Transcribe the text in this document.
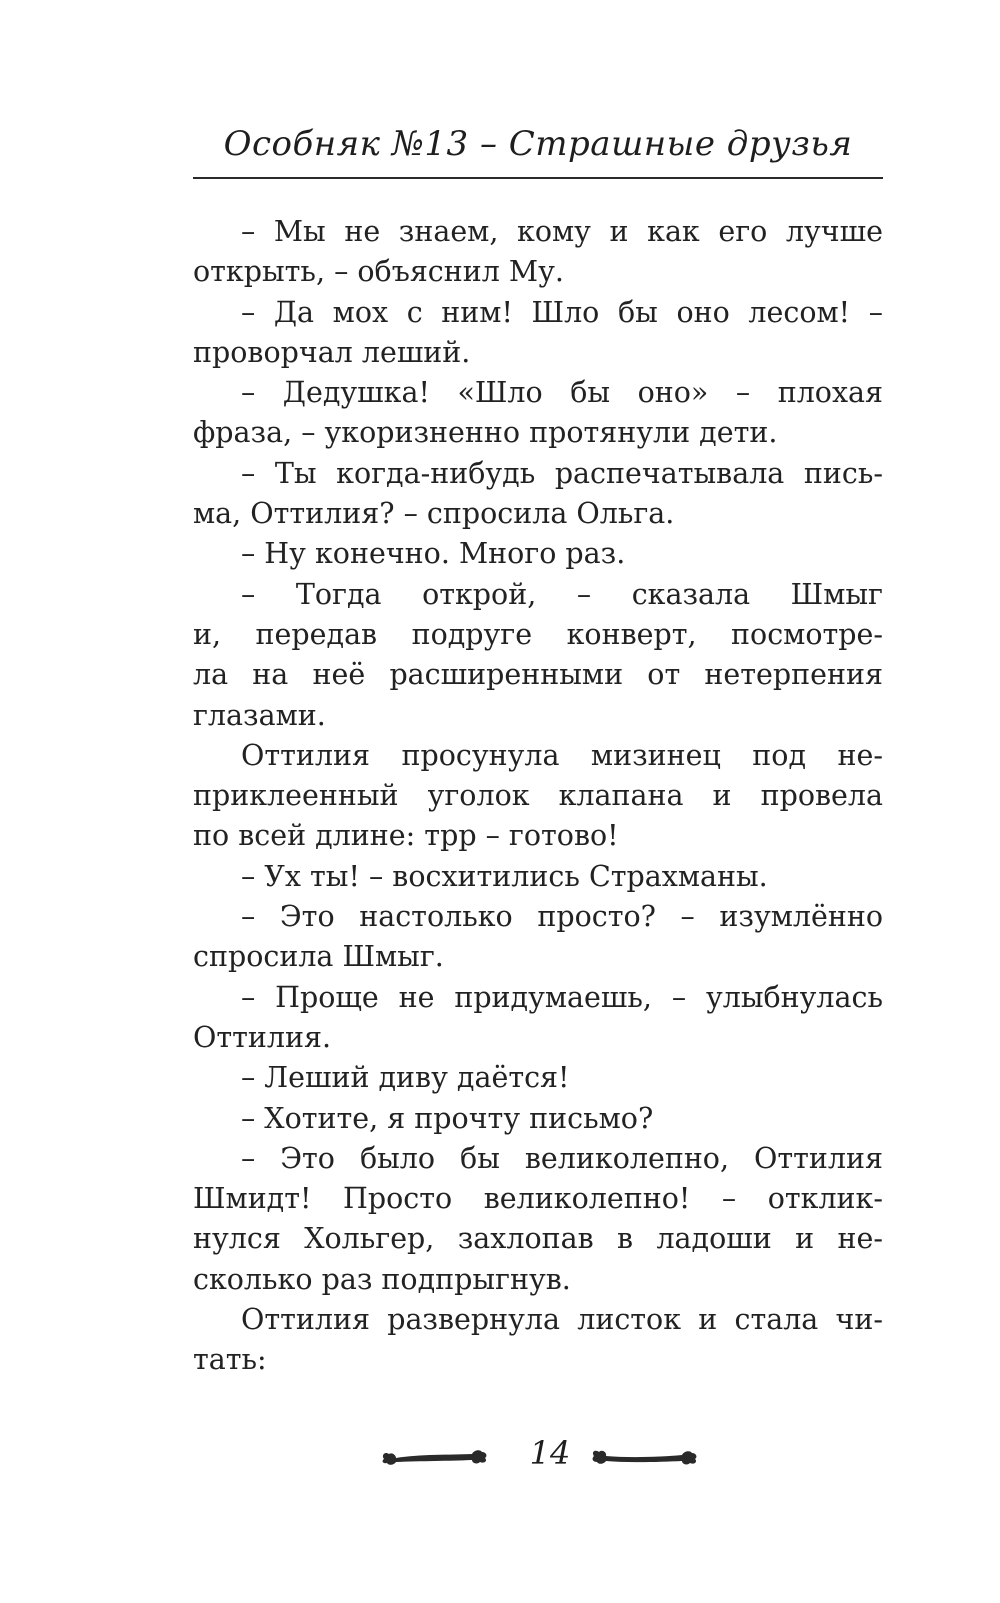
Особняк №13 – Страшные друзья
– Мы не знаем, кому и как его лучше
открыть, – объяснил Му.
– Да мох с ним! Шло бы оно лесом! –
проворчал леший.
– Дедушка! «Шло бы оно» – плохая
фраза, – укоризненно протянули дети.
– Ты когда-нибудь распечатывала пись-
ма, Оттилия? – спросила Ольга.
– Ну конечно. Много раз.
– Тогда открой, – сказала Шмыг
и, передав подруге конверт, посмотре-
ла на неё расширенными от нетерпения
глазами.
Оттилия просунула мизинец под не-
приклеенный уголок клапана и провела
по всей длине: трр – готово!
– Ух ты! – восхитились Страхманы.
– Это настолько просто? – изумлённо
спросила Шмыг.
– Проще не придумаешь, – улыбнулась
Оттилия.
– Леший диву даётся!
– Хотите, я прочту письмо?
– Это было бы великолепно, Оттилия
Шмидт! Просто великолепно! – отклик-
нулся Хольгер, захлопав в ладоши и не-
сколько раз подпрыгнув.
Оттилия развернула листок и стала чи-
тать:
14
